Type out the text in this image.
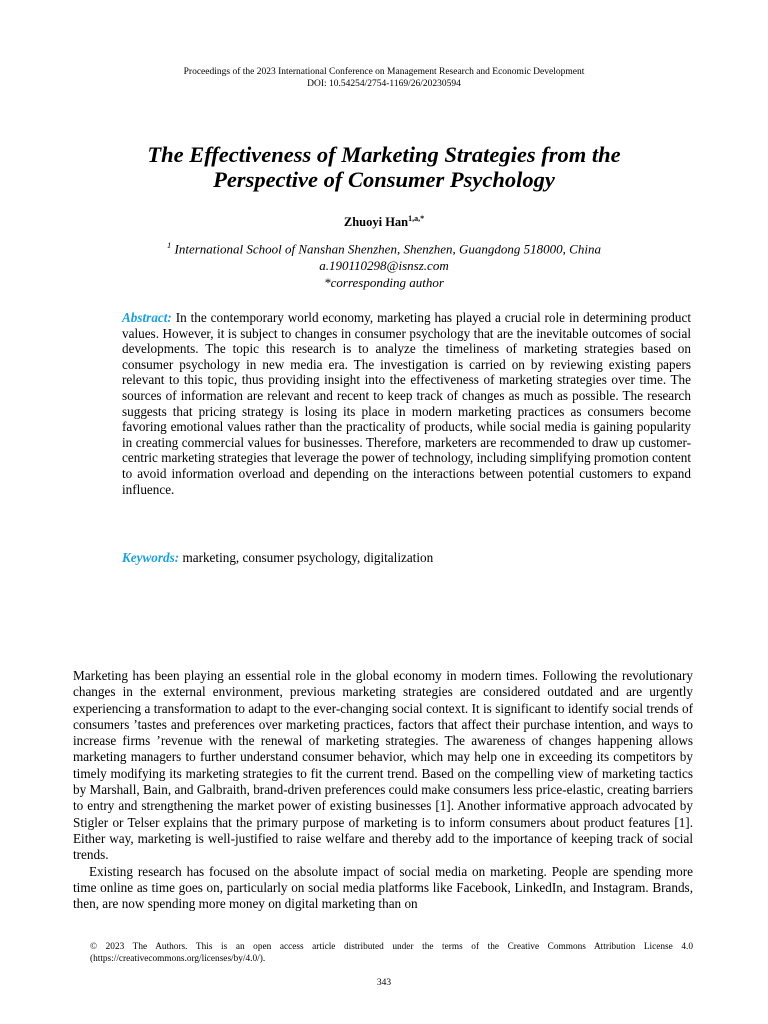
Proceedings of the 2023 International Conference on Management Research and Economic Development
DOI: 10.54254/2754-1169/26/20230594
The Effectiveness of Marketing Strategies from the
Perspective of Consumer Psychology
Zhuoyi Han$^{1,a,*}$
$^1$ International School of Nanshan Shenzhen, Shenzhen, Guangdong 518000, China
a.190110298@isnsz.com
*corresponding author
Abstract: In the contemporary world economy, marketing has played a crucial role in determining product values. However, it is subject to changes in consumer psychology that are the inevitable outcomes of social developments. The topic this research is to analyze the timeliness of marketing strategies based on consumer psychology in new media era. The investigation is carried on by reviewing existing papers relevant to this topic, thus providing insight into the effectiveness of marketing strategies over time. The sources of information are relevant and recent to keep track of changes as much as possible. The research suggests that pricing strategy is losing its place in modern marketing practices as consumers become favoring emotional values rather than the practicality of products, while social media is gaining popularity in creating commercial values for businesses. Therefore, marketers are recommended to draw up customer-centric marketing strategies that leverage the power of technology, including simplifying promotion content to avoid information overload and depending on the interactions between potential customers to expand influence.
Keywords: marketing, consumer psychology, digitalization

Marketing has been playing an essential role in the global economy in modern times. Following the revolutionary changes in the external environment, previous marketing strategies are considered outdated and are urgently experiencing a transformation to adapt to the ever-changing social context. It is significant to identify social trends of consumers ’tastes and preferences over marketing practices, factors that affect their purchase intention, and ways to increase firms ’revenue with the renewal of marketing strategies. The awareness of changes happening allows marketing managers to further understand consumer behavior, which may help one in exceeding its competitors by timely modifying its marketing strategies to fit the current trend. Based on the compelling view of marketing tactics by Marshall, Bain, and Galbraith, brand-driven preferences could make consumers less price-elastic, creating barriers to entry and strengthening the market power of existing businesses [1]. Another informative approach advocated by Stigler or Telser explains that the primary purpose of marketing is to inform consumers about product features [1]. Either way, marketing is well-justified to raise welfare and thereby add to the importance of keeping track of social trends.

Existing research has focused on the absolute impact of social media on marketing. People are spending more time online as time goes on, particularly on social media platforms like Facebook, LinkedIn, and Instagram. Brands, then, are now spending more money on digital marketing than on

© 2023 The Authors. This is an open access article distributed under the terms of the Creative Commons Attribution License 4.0 (https://creativecommons.org/licenses/by/4.0/).
343
